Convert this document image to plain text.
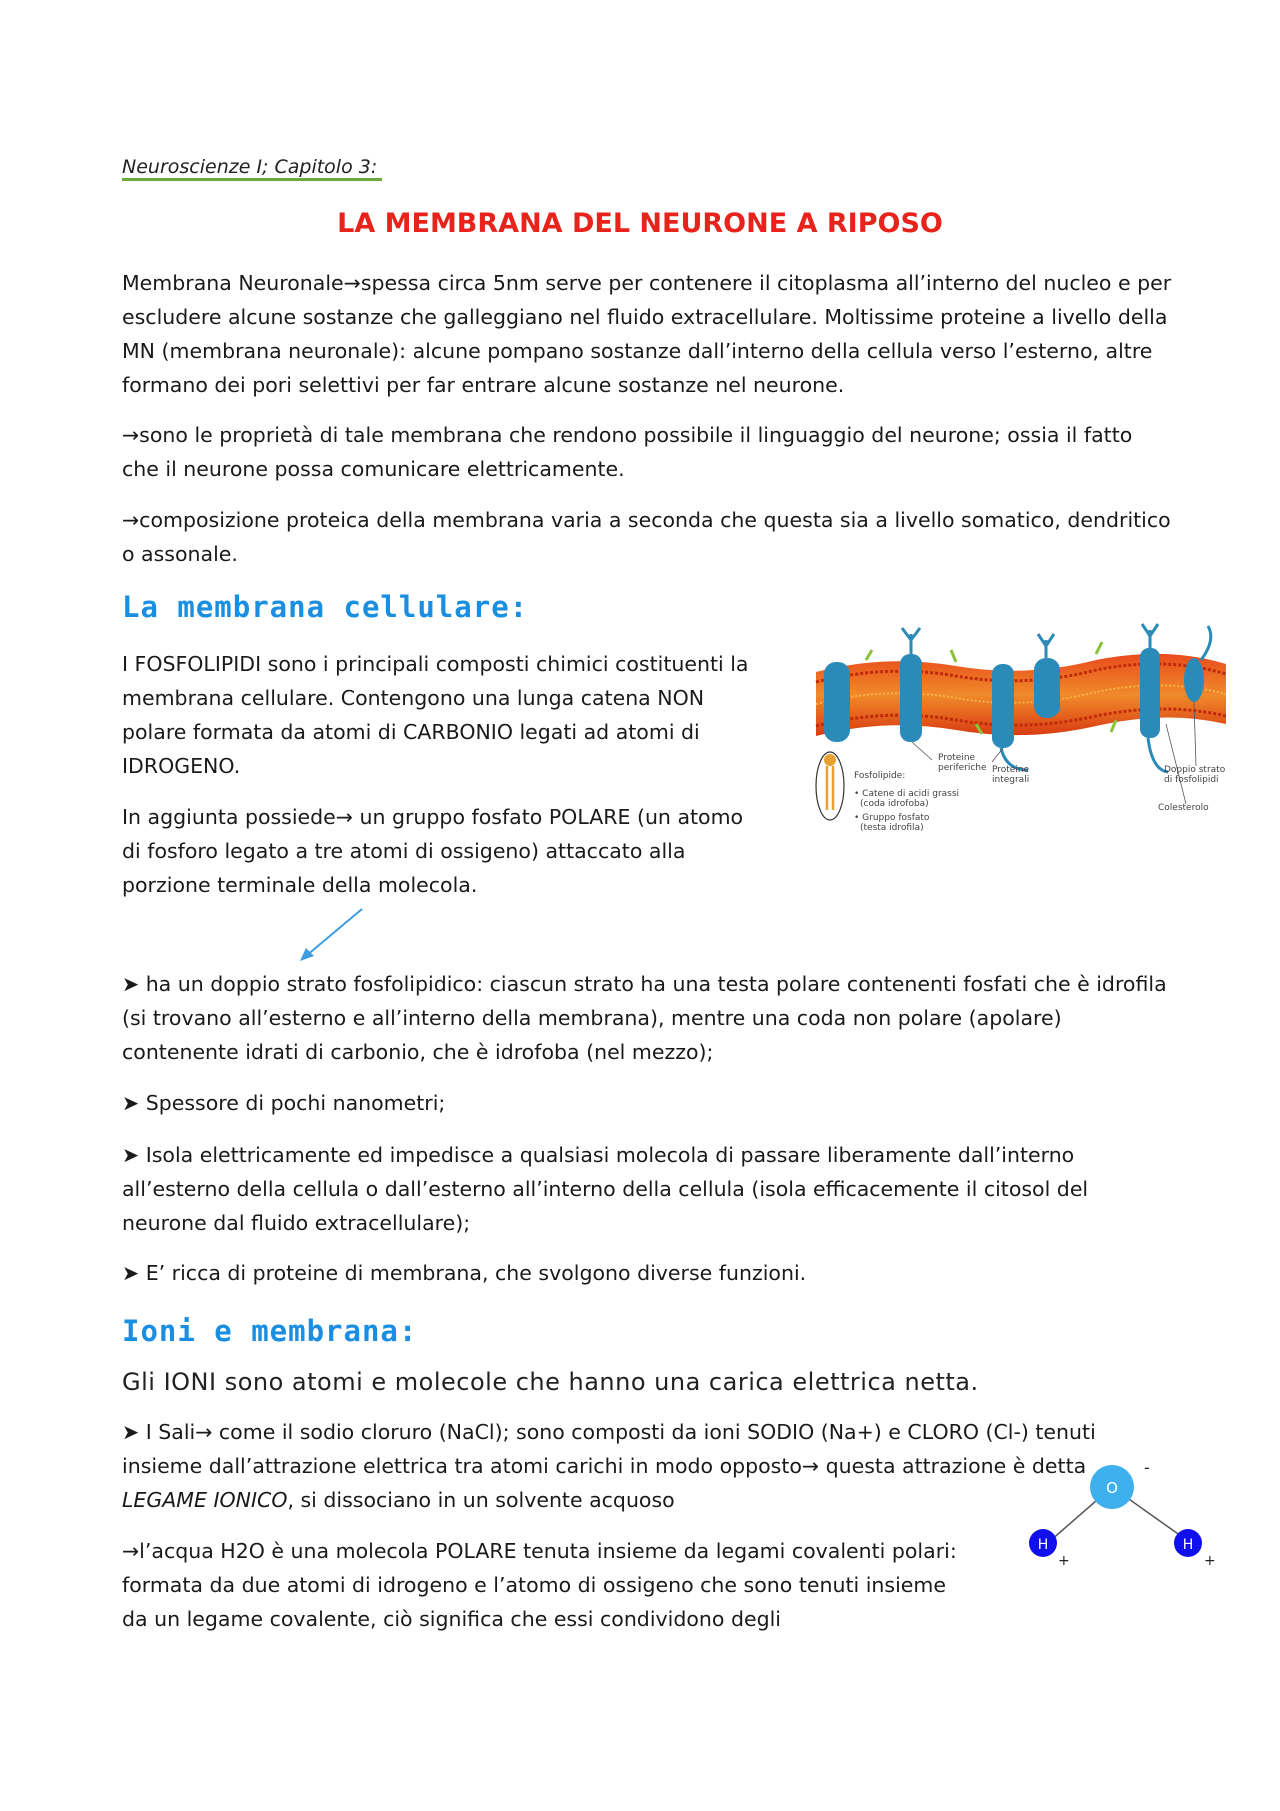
Neuroscienze I; Capitolo 3:
LA MEMBRANA DEL NEURONE A RIPOSO

Membrana Neuronale→spessa circa 5nm serve per contenere il citoplasma all’interno del nucleo e per escludere alcune sostanze che galleggiano nel fluido extracellulare. Moltissime proteine a livello della MN (membrana neuronale): alcune pompano sostanze dall’interno della cellula verso l’esterno, altre formano dei pori selettivi per far entrare alcune sostanze nel neurone.

→sono le proprietà di tale membrana che rendono possibile il linguaggio del neurone; ossia il fatto che il neurone possa comunicare elettricamente.

→composizione proteica della membrana varia a seconda che questa sia a livello somatico, dendritico o assonale.

La membrana cellulare:

I FOSFOLIPIDI sono i principali composti chimici costituenti la membrana cellulare. Contengono una lunga catena NON polare formata da atomi di CARBONIO legati ad atomi di IDROGENO.

In aggiunta possiede→ un gruppo fosfato POLARE (un atomo di fosforo legato a tre atomi di ossigeno) attaccato alla porzione terminale della molecola.

Proteine
periferiche Proteine
integrali
Doppio strato
di fosfolipidi
Fosfolipide:
• Catene di acidi grassi
(coda idrofoba)
• Gruppo fosfato
(testa idrofila)
Colesterolo

➤ ha un doppio strato fosfolipidico: ciascun strato ha una testa polare contenenti fosfati che è idrofila (si trovano all’esterno e all’interno della membrana), mentre una coda non polare (apolare) contenente idrati di carbonio, che è idrofoba (nel mezzo);

➤ Spessore di pochi nanometri;

➤ Isola elettricamente ed impedisce a qualsiasi molecola di passare liberamente dall’interno all’esterno della cellula o dall’esterno all’interno della cellula (isola efficacemente il citosol del neurone dal fluido extracellulare);

➤ E’ ricca di proteine di membrana, che svolgono diverse funzioni.

Ioni e membrana:
Gli IONI sono atomi e molecole che hanno una carica elettrica netta.

➤ I Sali→ come il sodio cloruro (NaCl); sono composti da ioni SODIO (Na+) e CLORO (Cl-) tenuti insieme dall’attrazione elettrica tra atomi carichi in modo opposto→ questa attrazione è detta LEGAME IONICO, si dissociano in un solvente acquoso

→l’acqua H2O è una molecola POLARE tenuta insieme da legami covalenti polari: formata da due atomi di idrogeno e l’atomo di ossigeno che sono tenuti insieme da un legame covalente, ciò significa che essi condividono degli

O
H	H
-
+	+
